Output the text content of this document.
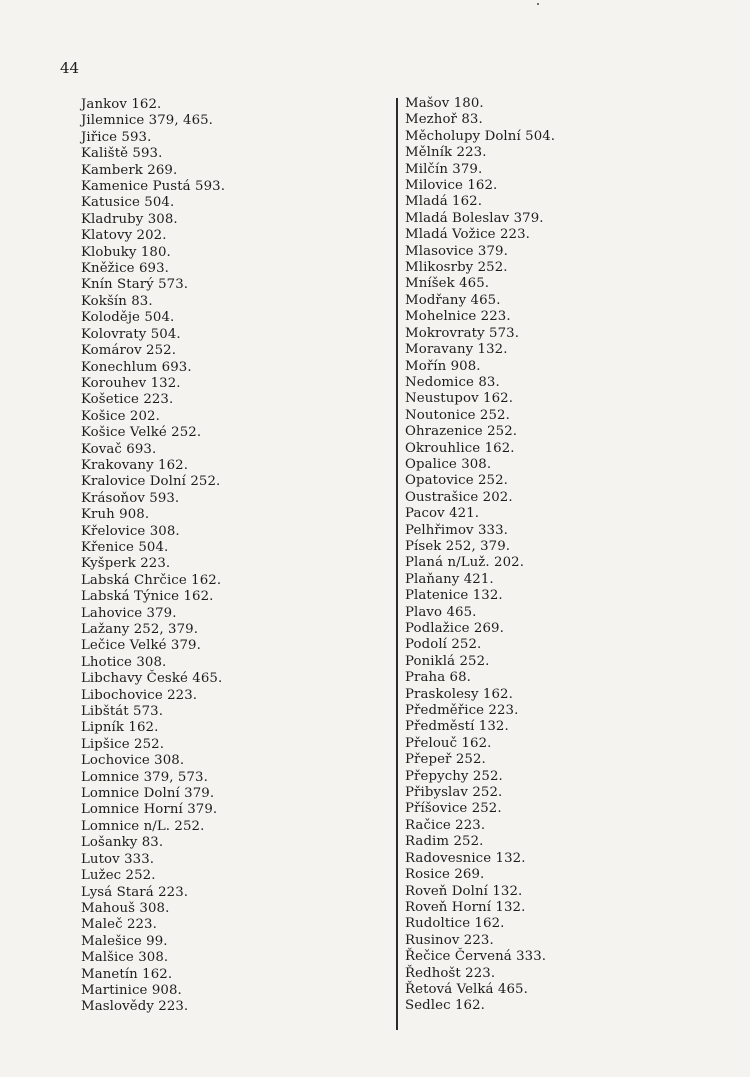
44
Jankov 162.
Jilemnice 379, 465.
Jiřice 593.
Kaliště 593.
Kamberk 269.
Kamenice Pustá 593.
Katusice 504.
Kladruby 308.
Klatovy 202.
Klobuky 180.
Kněžice 693.
Knín Starý 573.
Kokšín 83.
Koloděje 504.
Kolovraty 504.
Komárov 252.
Konechlum 693.
Korouhev 132.
Košetice 223.
Košice 202.
Košice Velké 252.
Kovač 693.
Krakovany 162.
Kralovice Dolní 252.
Krásoňov 593.
Kruh 908.
Křelovice 308.
Křenice 504.
Kyšperk 223.
Labská Chrčice 162.
Labská Týnice 162.
Lahovice 379.
Lažany 252, 379.
Lečice Velké 379.
Lhotice 308.
Libchavy České 465.
Libochovice 223.
Libštát 573.
Lipník 162.
Lipšice 252.
Lochovice 308.
Lomnice 379, 573.
Lomnice Dolní 379.
Lomnice Horní 379.
Lomnice n/L. 252.
Lošanky 83.
Lutov 333.
Lužec 252.
Lysá Stará 223.
Mahouš 308.
Maleč 223.
Malešice 99.
Malšice 308.
Manetín 162.
Martinice 908.
Maslovědy 223.
Mašov 180.
Mezhoř 83.
Měcholupy Dolní 504.
Mělník 223.
Milčín 379.
Milovice 162.
Mladá 162.
Mladá Boleslav 379.
Mladá Vožice 223.
Mlasovice 379.
Mlikosrby 252.
Mníšek 465.
Modřany 465.
Mohelnice 223.
Mokrovraty 573.
Moravany 132.
Mořín 908.
Nedomice 83.
Neustupov 162.
Noutonice 252.
Ohrazenice 252.
Okrouhlice 162.
Opalice 308.
Opatovice 252.
Oustrašice 202.
Pacov 421.
Pelhřimov 333.
Písek 252, 379.
Planá n/Luž. 202.
Plaňany 421.
Platenice 132.
Plavo 465.
Podlažice 269.
Podolí 252.
Poniklá 252.
Praha 68.
Praskolesy 162.
Předměřice 223.
Předměstí 132.
Přelouč 162.
Přepeř 252.
Přepychy 252.
Přibyslav 252.
Příšovice 252.
Račice 223.
Radim 252.
Radovesnice 132.
Rosice 269.
Roveň Dolní 132.
Roveň Horní 132.
Rudoltice 162.
Rusinov 223.
Řečice Červená 333.
Ředhošt 223.
Řetová Velká 465.
Sedlec 162.
